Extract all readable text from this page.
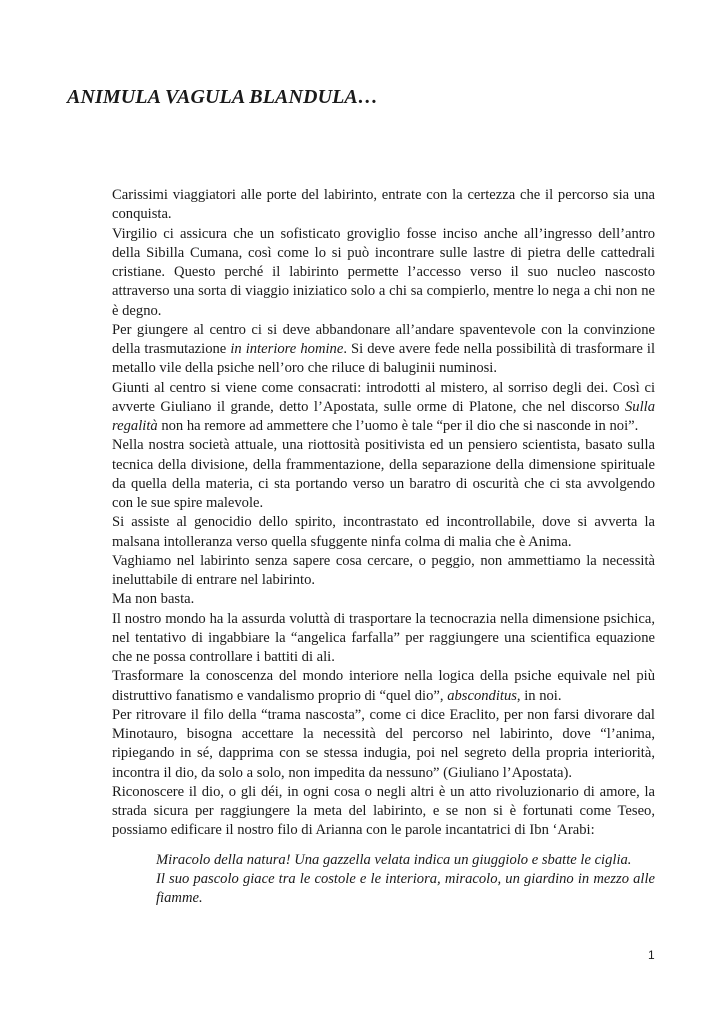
ANIMULA VAGULA BLANDULA…

Carissimi viaggiatori alle porte del labirinto, entrate con la certezza che il percorso sia una conquista.

Virgilio ci assicura che un sofisticato groviglio fosse inciso anche all’ingresso dell’antro della Sibilla Cumana, così come lo si può incontrare sulle lastre di pietra delle cattedrali cristiane. Questo perché il labirinto permette l’accesso verso il suo nucleo nascosto attraverso una sorta di viaggio iniziatico solo a chi sa compierlo, mentre lo nega a chi non ne è degno.

Per giungere al centro ci si deve abbandonare all’andare spaventevole con la convinzione della trasmutazione in interiore homine. Si deve avere fede nella possibilità di trasformare il metallo vile della psiche nell’oro che riluce di baluginii numinosi.

Giunti al centro si viene come consacrati: introdotti al mistero, al sorriso degli dei. Così ci avverte Giuliano il grande, detto l’Apostata, sulle orme di Platone, che nel discorso Sulla regalità non ha remore ad ammettere che l’uomo è tale “per il dio che si nasconde in noi”.

Nella nostra società attuale, una riottosità positivista ed un pensiero scientista, basato sulla tecnica della divisione, della frammentazione, della separazione della dimensione spirituale da quella della materia, ci sta portando verso un baratro di oscurità che ci sta avvolgendo con le sue spire malevole.

Si assiste al genocidio dello spirito, incontrastato ed incontrollabile, dove si avverta la malsana intolleranza verso quella sfuggente ninfa colma di malia che è Anima.

Vaghiamo nel labirinto senza sapere cosa cercare, o peggio, non ammettiamo la necessità ineluttabile di entrare nel labirinto.

Ma non basta.

Il nostro mondo ha la assurda voluttà di trasportare la tecnocrazia nella dimensione psichica, nel tentativo di ingabbiare la “angelica farfalla” per raggiungere una scientifica equazione che ne possa controllare i battiti di ali.

Trasformare la conoscenza del mondo interiore nella logica della psiche equivale nel più distruttivo fanatismo e vandalismo proprio di “quel dio”, absconditus, in noi.

Per ritrovare il filo della “trama nascosta”, come ci dice Eraclito, per non farsi divorare dal Minotauro, bisogna accettare la necessità del percorso nel labirinto, dove “l’anima, ripiegando in sé, dapprima con se stessa indugia, poi nel segreto della propria interiorità, incontra il dio, da solo a solo, non impedita da nessuno” (Giuliano l’Apostata).

Riconoscere il dio, o gli déi, in ogni cosa o negli altri è un atto rivoluzionario di amore, la strada sicura per raggiungere la meta del labirinto, e se non si è fortunati come Teseo, possiamo edificare il nostro filo di Arianna con le parole incantatrici di Ibn ‘Arabi:

Miracolo della natura! Una gazzella velata indica un giuggiolo e sbatte le ciglia.

Il suo pascolo giace tra le costole e le interiora, miracolo, un giardino in mezzo alle fiamme.

1
